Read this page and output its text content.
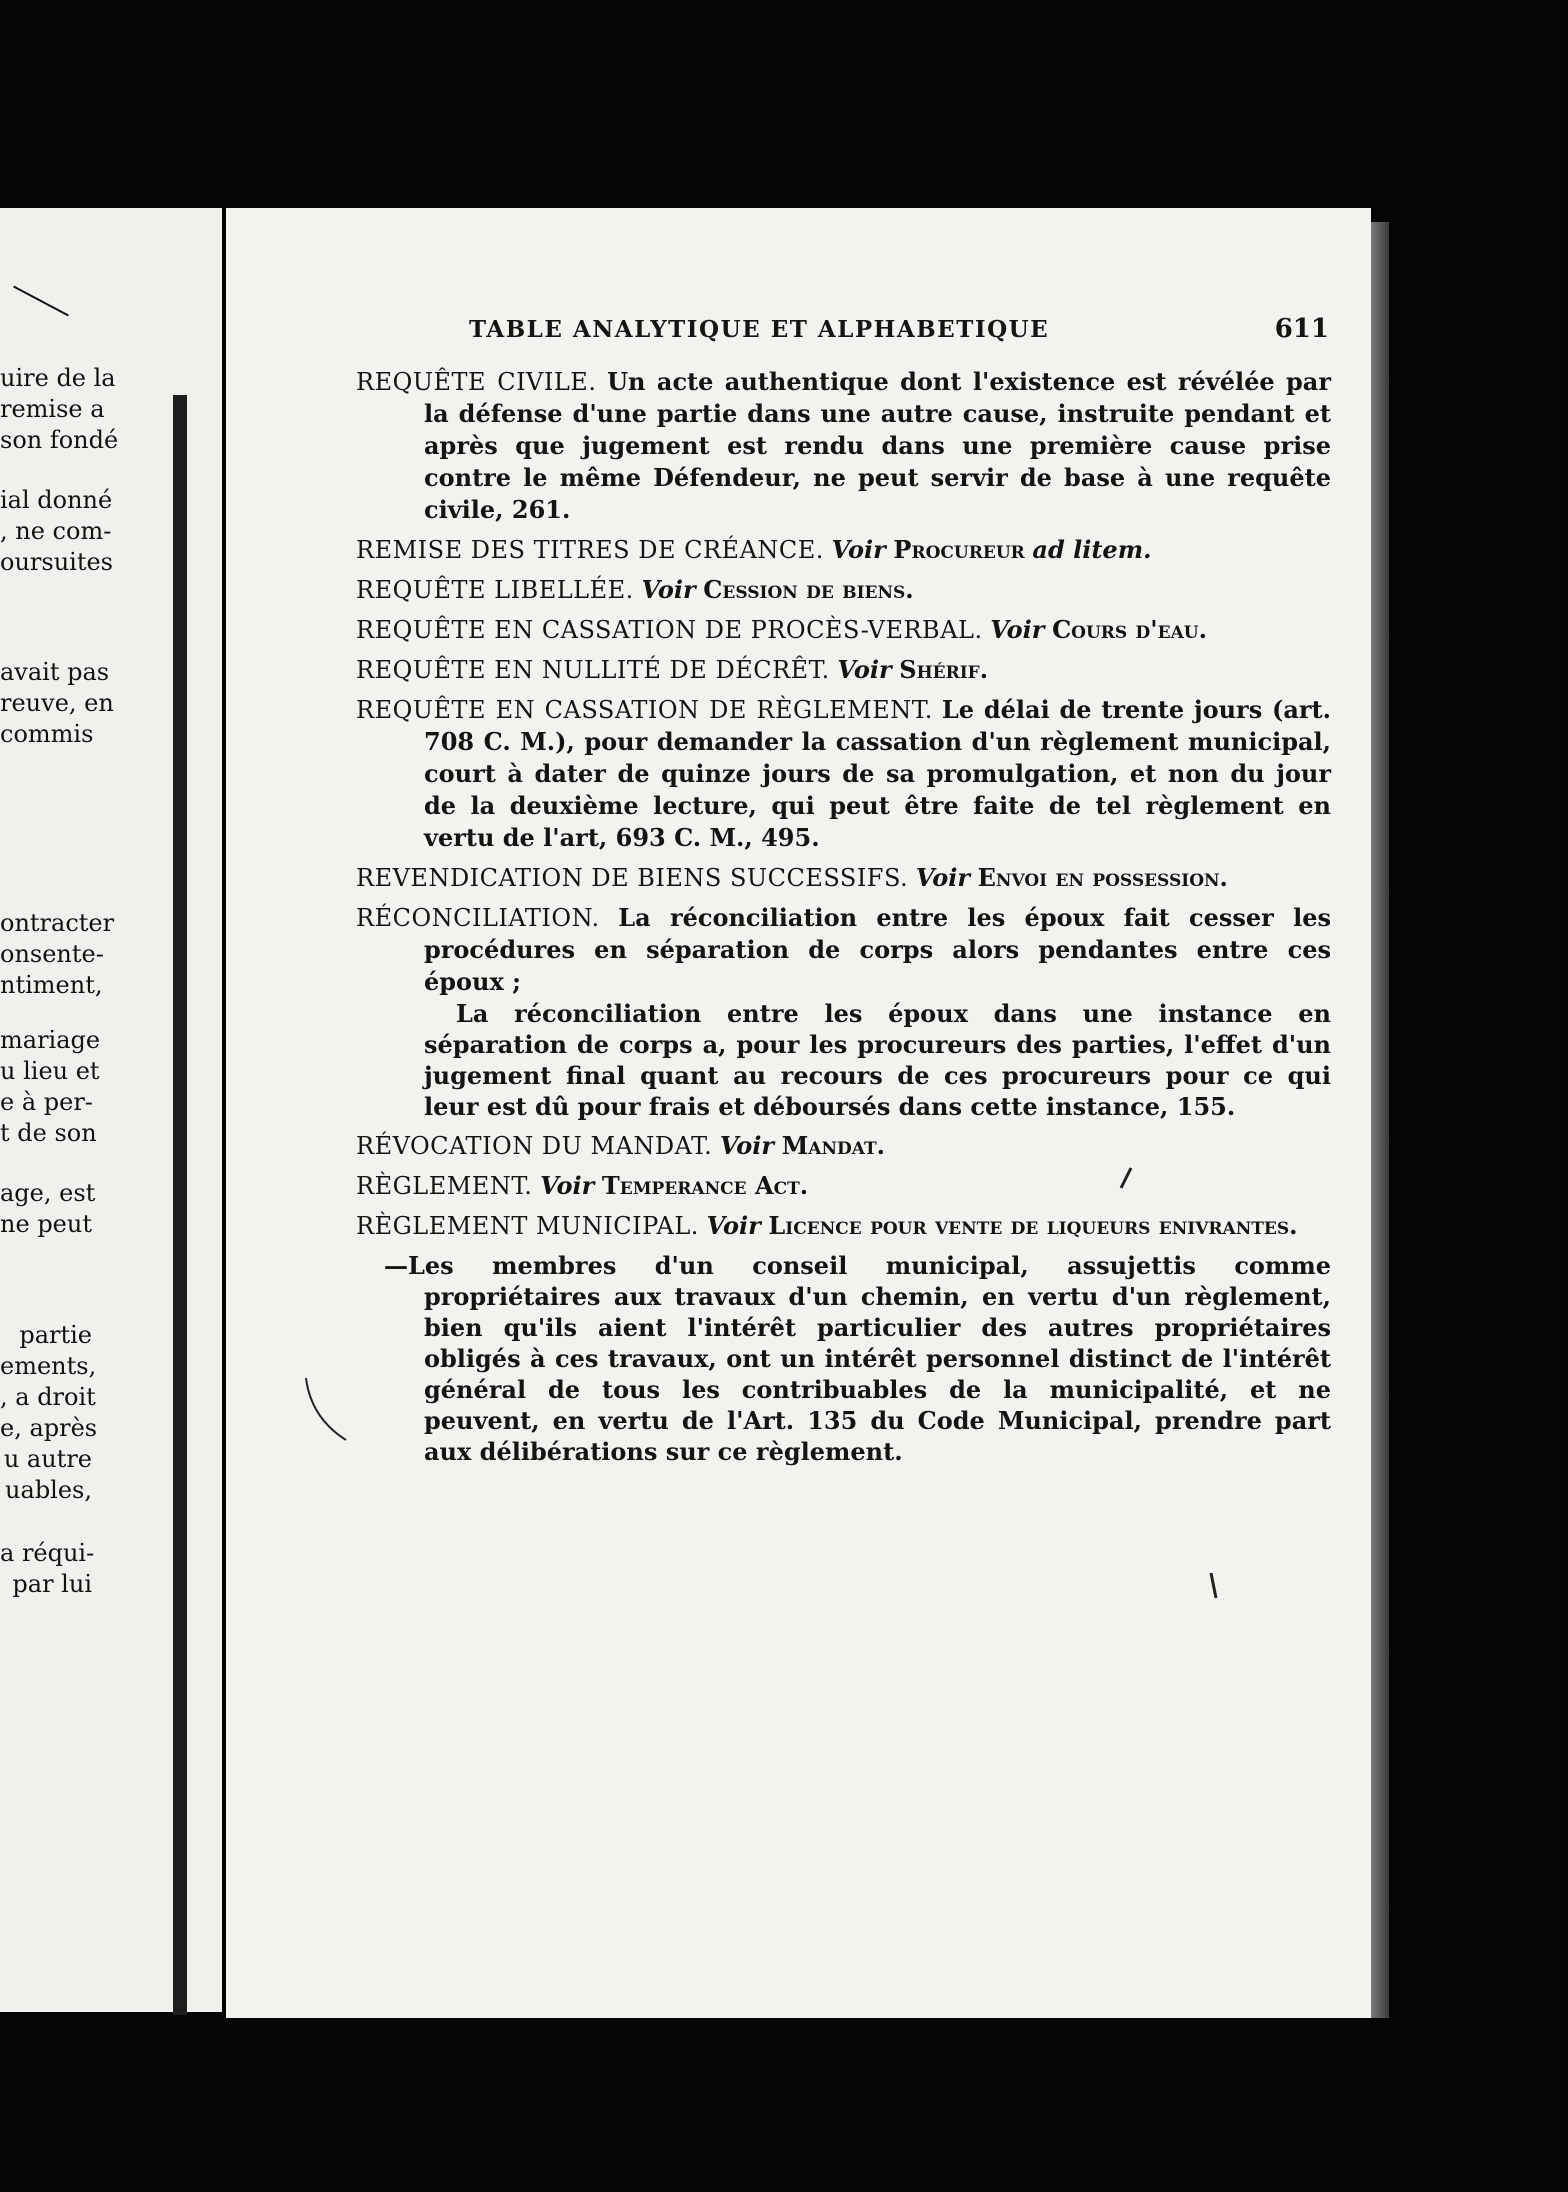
uire de la
remise a
son fondé
ial donné
, ne com-
oursuites
avait pas
reuve, en
commis
ontracter
onsente-
ntiment,
mariage
u lieu et
e à per-
t de son
age, est
ne peut
partie
ements,
, a droit
e, après
u autre
uables,
a réqui-
par lui
TABLE ANALYTIQUE ET ALPHABETIQUE	611

REQUÊTE CIVILE. Un acte authentique dont l'existence est révélée par la défense d'une partie dans une autre cause, instruite pendant et après que jugement est rendu dans une première cause prise contre le même Défendeur, ne peut servir de base à une requête civile, 261.

REMISE DES TITRES DE CRÉANCE. Voir Procureur ad litem.

REQUÊTE LIBELLÉE. Voir Cession de biens.

REQUÊTE EN CASSATION DE PROCÈS-VERBAL. Voir Cours d'eau.

REQUÊTE EN NULLITÉ DE DÉCRÊT. Voir Shérif.

REQUÊTE EN CASSATION DE RÈGLEMENT. Le délai de trente jours (art. 708 C. M.), pour demander la cassation d'un règlement municipal, court à dater de quinze jours de sa promulgation, et non du jour de la deuxième lecture, qui peut être faite de tel règlement en vertu de l'art, 693 C. M., 495.

REVENDICATION DE BIENS SUCCESSIFS. Voir Envoi en possession.

RÉCONCILIATION. La réconciliation entre les époux fait cesser les procédures en séparation de corps alors pendantes entre ces époux ;

La réconciliation entre les époux dans une instance en séparation de corps a, pour les procureurs des parties, l'effet d'un jugement final quant au recours de ces procureurs pour ce qui leur est dû pour frais et déboursés dans cette instance, 155.

RÉVOCATION DU MANDAT. Voir Mandat.

RÈGLEMENT. Voir Temperance Act.

RÈGLEMENT MUNICIPAL. Voir Licence pour vente de liqueurs enivrantes.

—Les membres d'un conseil municipal, assujettis comme propriétaires aux travaux d'un chemin, en vertu d'un règlement, bien qu'ils aient l'intérêt particulier des autres propriétaires obligés à ces travaux, ont un intérêt personnel distinct de l'intérêt général de tous les contribuables de la municipalité, et ne peuvent, en vertu de l'Art. 135 du Code Municipal, prendre part aux délibérations sur ce règlement.
